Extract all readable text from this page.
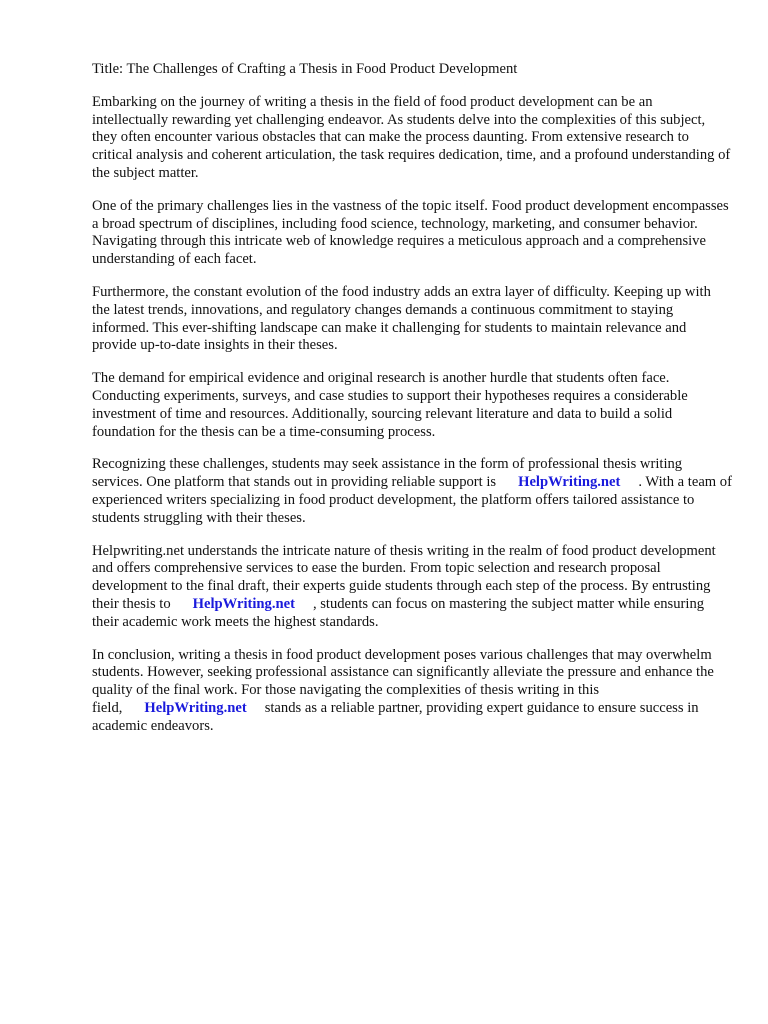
Title: The Challenges of Crafting a Thesis in Food Product Development

Embarking on the journey of writing a thesis in the field of food product development can be an intellectually rewarding yet challenging endeavor. As students delve into the complexities of this subject, they often encounter various obstacles that can make the process daunting. From extensive research to critical analysis and coherent articulation, the task requires dedication, time, and a profound understanding of the subject matter.

One of the primary challenges lies in the vastness of the topic itself. Food product development encompasses a broad spectrum of disciplines, including food science, technology, marketing, and consumer behavior. Navigating through this intricate web of knowledge requires a meticulous approach and a comprehensive understanding of each facet.

Furthermore, the constant evolution of the food industry adds an extra layer of difficulty. Keeping up with the latest trends, innovations, and regulatory changes demands a continuous commitment to staying informed. This ever-shifting landscape can make it challenging for students to maintain relevance and provide up-to-date insights in their theses.

The demand for empirical evidence and original research is another hurdle that students often face. Conducting experiments, surveys, and case studies to support their hypotheses requires a considerable investment of time and resources. Additionally, sourcing relevant literature and data to build a solid foundation for the thesis can be a time-consuming process.

Recognizing these challenges, students may seek assistance in the form of professional thesis writing services. One platform that stands out in providing reliable support is HelpWriting.net . With a team of experienced writers specializing in food product development, the platform offers tailored assistance to students struggling with their theses.

Helpwriting.net understands the intricate nature of thesis writing in the realm of food product development and offers comprehensive services to ease the burden. From topic selection and research proposal development to the final draft, their experts guide students through each step of the process. By entrusting their thesis to HelpWriting.net , students can focus on mastering the subject matter while ensuring their academic work meets the highest standards.

In conclusion, writing a thesis in food product development poses various challenges that may overwhelm students. However, seeking professional assistance can significantly alleviate the pressure and enhance the quality of the final work. For those navigating the complexities of thesis writing in this field, HelpWriting.net stands as a reliable partner, providing expert guidance to ensure success in academic endeavors.
